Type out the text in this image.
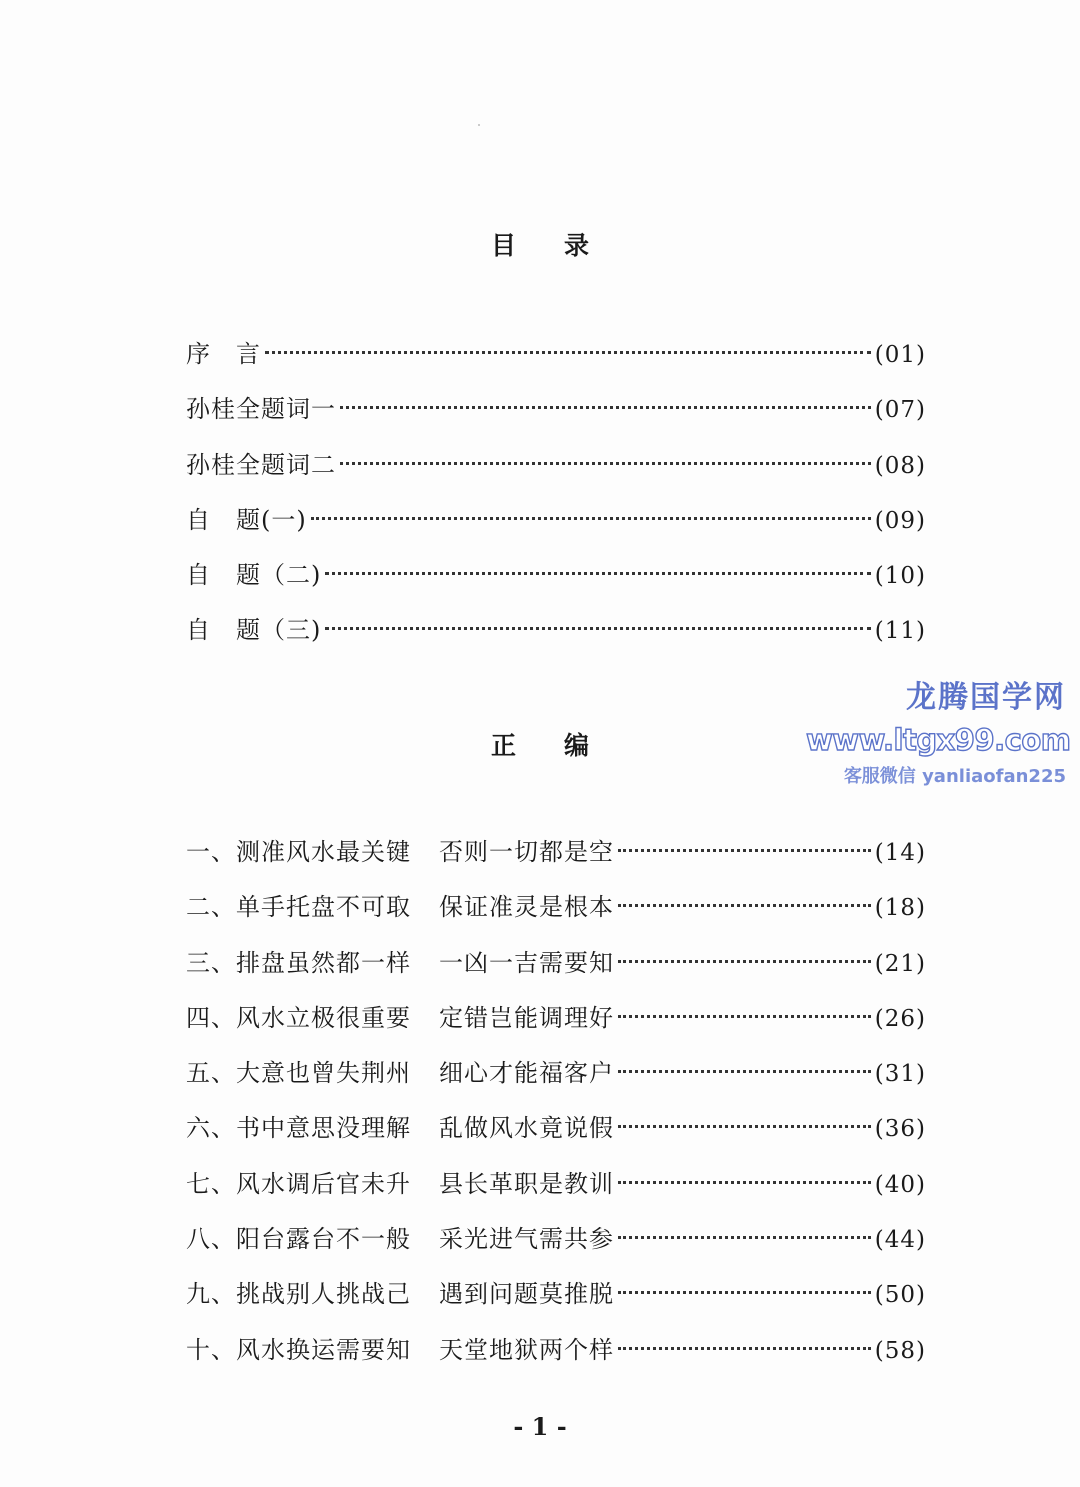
目录
序　言	(01)
孙桂全题词一	(07)
孙桂全题词二	(08)
自　题(一)	(09)
自　题（二)	(10)
自　题（三)	(11)
正编
龙腾国学网
www.ltgx99.com
客服微信 yanliaofan225
一、测准风水最关键 否则一切都是空	(14)
二、单手托盘不可取 保证准灵是根本	(18)
三、排盘虽然都一样 一凶一吉需要知	(21)
四、风水立极很重要 定错岂能调理好	(26)
五、大意也曾失荆州 细心才能福客户	(31)
六、书中意思没理解 乱做风水竟说假	(36)
七、风水调后官未升 县长革职是教训	(40)
八、阳台露台不一般 采光进气需共参	(44)
九、挑战别人挑战己 遇到问题莫推脱	(50)
十、风水换运需要知 天堂地狱两个样	(58)
- 1 -
